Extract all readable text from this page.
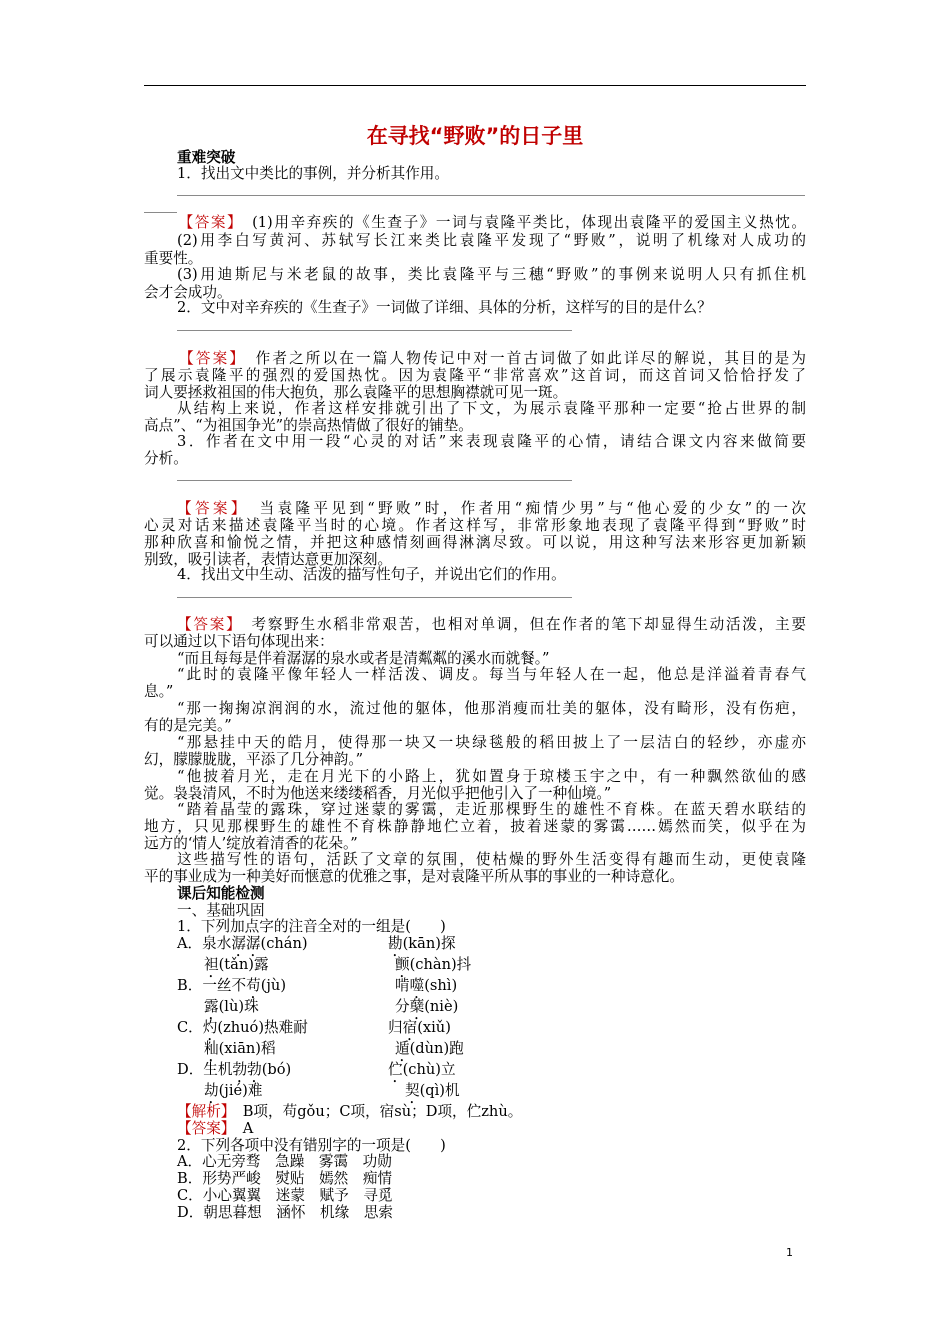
在寻找“野败”的日子里
重难突破
1．找出文中类比的事例，并分析其作用。
【答案】　 (1)用辛弃疾的《生查子》一词与袁隆平类比，体现出袁隆平的爱国主义热忱。
(2)用李白写黄河、苏轼写长江来类比袁隆平发现了“野败”，说明了机缘对人成功的
重要性。
(3)用迪斯尼与米老鼠的故事，类比袁隆平与三穗“野败”的事例来说明人只有抓住机
会才会成功。
2．文中对辛弃疾的《生查子》一词做了详细、具体的分析，这样写的目的是什么？
【答案】　 作者之所以在一篇人物传记中对一首古词做了如此详尽的解说，其目的是为
了展示袁隆平的强烈的爱国热忱。因为袁隆平“非常喜欢”这首词，而这首词又恰恰抒发了
词人要拯救祖国的伟大抱负，那么袁隆平的思想胸襟就可见一斑。
从结构上来说，作者这样安排就引出了下文，为展示袁隆平那种一定要“抢占世界的制
高点”、“为祖国争光”的崇高热情做了很好的铺垫。
3．作者在文中用一段“心灵的对话”来表现袁隆平的心情，请结合课文内容来做简要
分析。
【答案】　 当袁隆平见到“野败”时，作者用“痴情少男”与“他心爱的少女”的一次
心灵对话来描述袁隆平当时的心境。作者这样写，非常形象地表现了袁隆平得到“野败”时
那种欣喜和愉悦之情，并把这种感情刻画得淋漓尽致。可以说，用这种写法来形容更加新颖
别致，吸引读者，表情达意更加深刻。
4．找出文中生动、活泼的描写性句子，并说出它们的作用。
【答案】　 考察野生水稻非常艰苦，也相对单调，但在作者的笔下却显得生动活泼，主要
可以通过以下语句体现出来：
“而且每每是伴着潺潺的泉水或者是清粼粼的溪水而就餐。”
“此时的袁隆平像年轻人一样活泼、调皮。每当与年轻人在一起，他总是洋溢着青春气
息。”
“那一掬掬凉润润的水，流过他的躯体，他那消瘦而壮美的躯体，没有畸形，没有伤疤，
有的是完美。”
“那悬挂中天的皓月，使得那一块又一块绿毯般的稻田披上了一层洁白的轻纱，亦虚亦
幻，朦朦胧胧，平添了几分神韵。”
“他披着月光，走在月光下的小路上，犹如置身于琼楼玉宇之中，有一种飘然欲仙的感
觉。袅袅清风，不时为他送来缕缕稻香，月光似乎把他引入了一种仙境。”
“踏着晶莹的露珠，穿过迷蒙的雾霭，走近那棵野生的雄性不育株。在蓝天碧水联结的
地方，只见那棵野生的雄性不育株静静地伫立着，披着迷蒙的雾霭……嫣然而笑，似乎在为
远方的‘情人’绽放着清香的花朵。”
这些描写性的语句，活跃了文章的氛围，使枯燥的野外生活变得有趣而生动，更使袁隆
平的事业成为一种美好而惬意的优雅之事，是对袁隆平所从事的事业的一种诗意化。
课后知能检测
一、基础巩固
1．下列加点字的注音全对的一组是(　　)
A．泉水潺潺(chán)	勘(kān)探
袒(tǎn)露	颤(chàn)抖
B．一丝不苟(jù)	啃噬(shì)
露(lù)珠	分蘖(niè)
C．灼(zhuó)热难耐	归宿(xiǔ)
籼(xiān)稻	遁(dùn)跑
D．生机勃勃(bó)	伫(chù)立
劫(jié)难	契(qì)机
【解析】　 B项，苟gǒu；C项，宿sù；D项，伫zhù。
【答案】　 A
2．下列各项中没有错别字的一项是(　　)
A．心无旁骛　急躁　雾霭　功勋
B．形势严峻　熨贴　嫣然　痴情
C．小心翼翼　迷蒙　赋予　寻觅
D．朝思暮想　涵怀　机缘　思索
1
